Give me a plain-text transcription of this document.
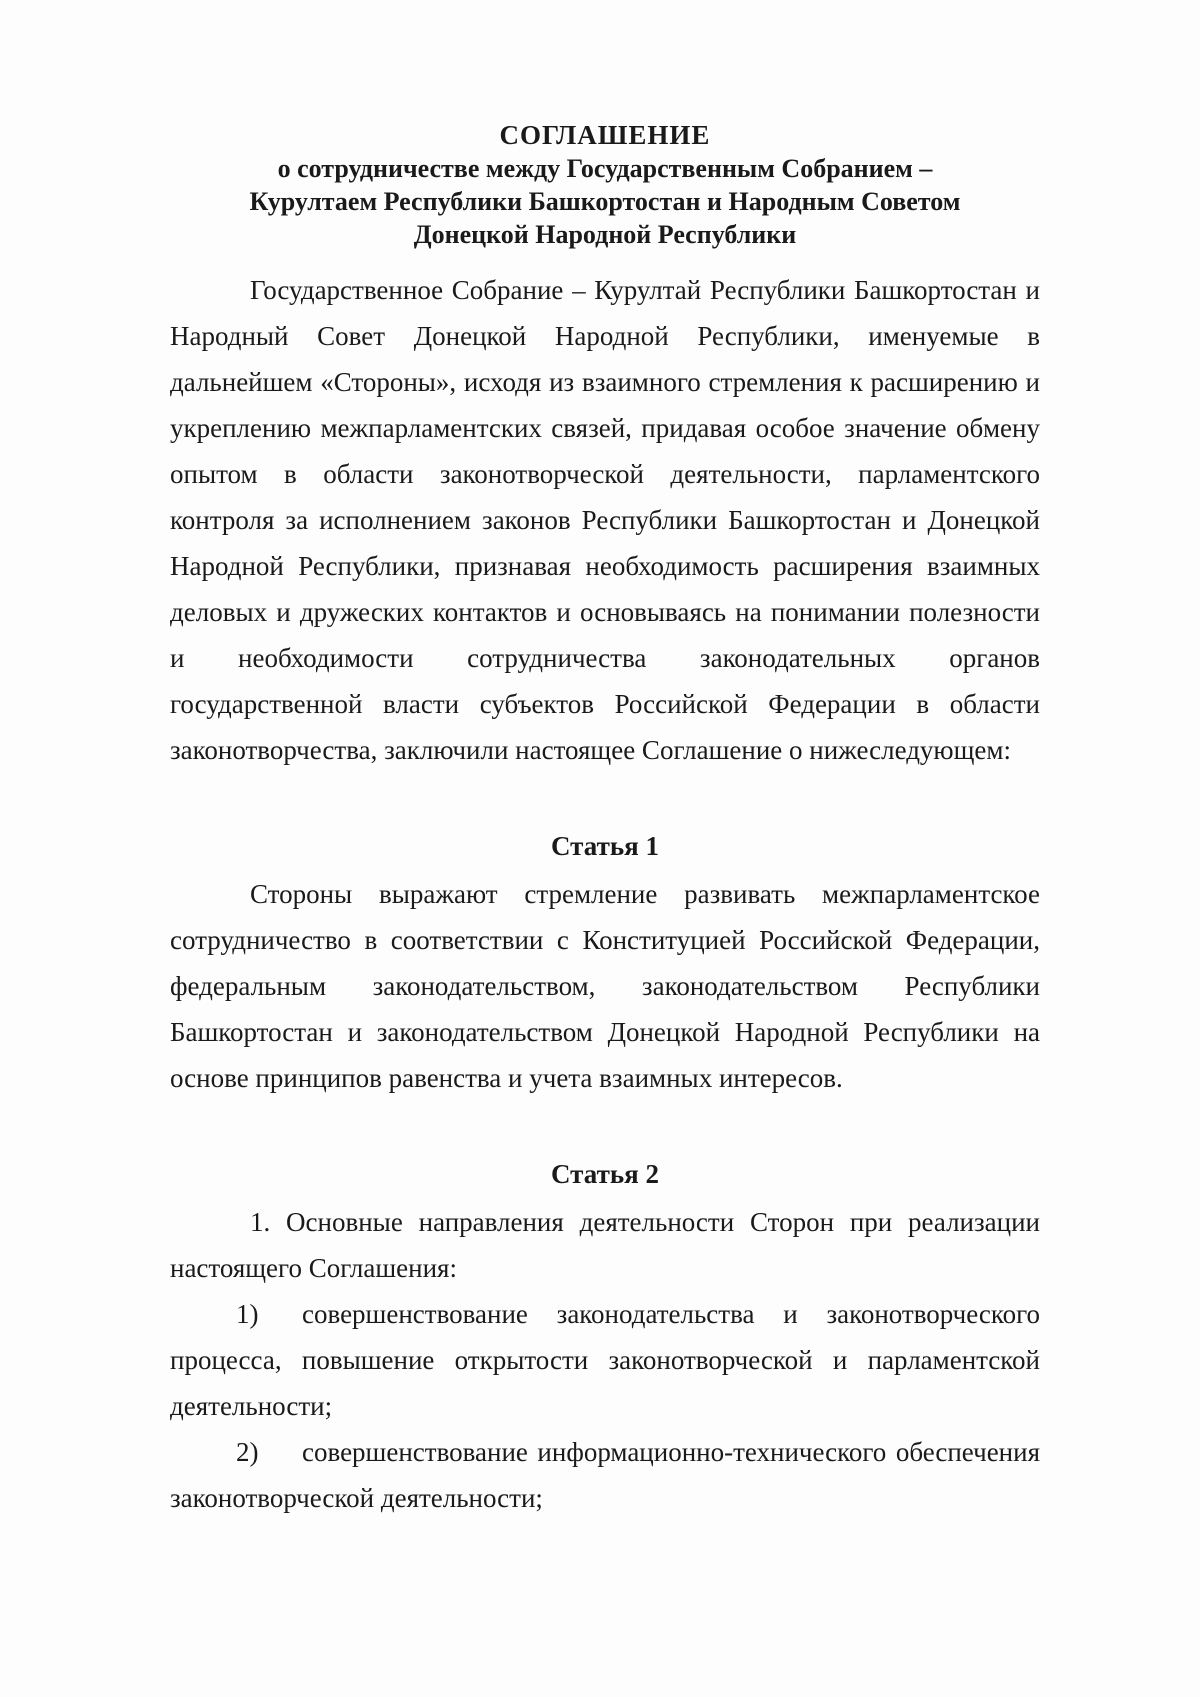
СОГЛАШЕНИЕ
о сотрудничестве между Государственным Собранием –
Курултаем Республики Башкортостан и Народным Советом
Донецкой Народной Республики

Государственное Собрание – Курултай Республики Башкортостан и Народный Совет Донецкой Народной Республики, именуемые в дальнейшем «Стороны», исходя из взаимного стремления к расширению и укреплению межпарламентских связей, придавая особое значение обмену опытом в области законотворческой деятельности, парламентского контроля за исполнением законов Республики Башкортостан и Донецкой Народной Республики, признавая необходимость расширения взаимных деловых и дружеских контактов и основываясь на понимании полезности и необходимости сотрудничества законодательных органов государственной власти субъектов Российской Федерации в области законотворчества, заключили настоящее Соглашение о нижеследующем:

Статья 1

Стороны выражают стремление развивать межпарламентское сотрудничество в соответствии с Конституцией Российской Федерации, федеральным законодательством, законодательством Республики Башкортостан и законодательством Донецкой Народной Республики на основе принципов равенства и учета взаимных интересов.

Статья 2

1. Основные направления деятельности Сторон при реализации настоящего Соглашения:

1) совершенствование законодательства и законотворческого процесса, повышение открытости законотворческой и парламентской деятельности;

2) совершенствование информационно-технического обеспечения законотворческой деятельности;
